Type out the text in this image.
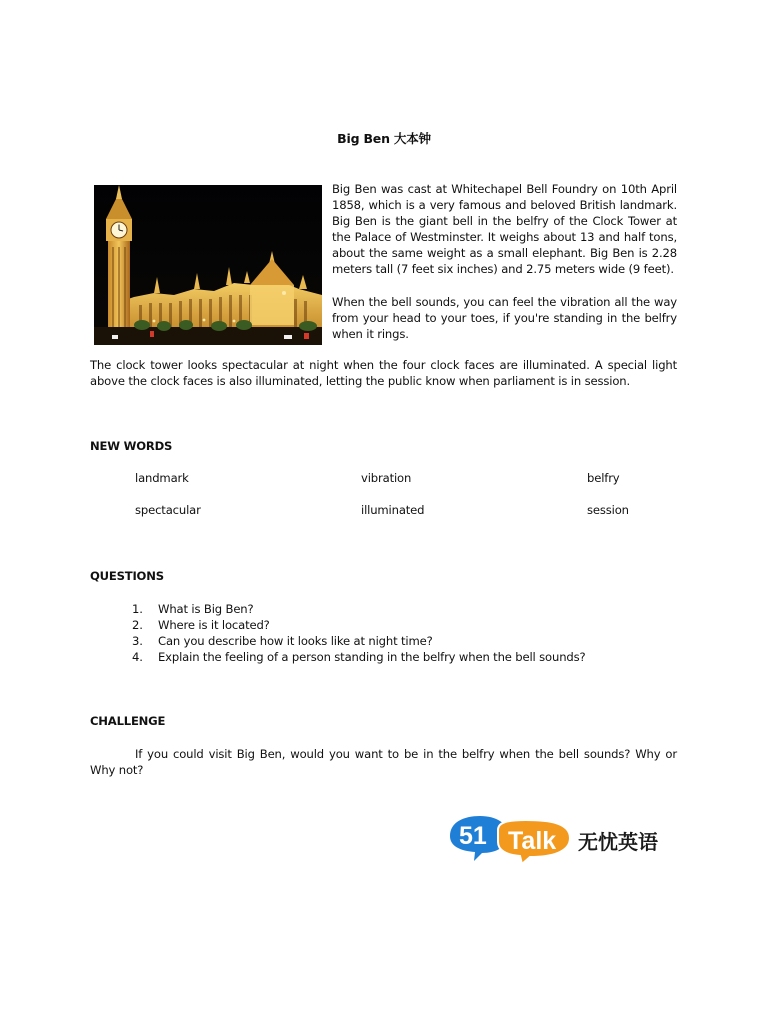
Big Ben 大本钟
Big Ben was cast at Whitechapel Bell Foundry on 10th April 1858, which is a very famous and beloved British landmark. Big Ben is the giant bell in the belfry of the Clock Tower at the Palace of Westminster. It weighs about 13 and half tons, about the same weight as a small elephant. Big Ben is 2.28 meters tall (7 feet six inches) and 2.75 meters wide (9 feet).
When the bell sounds, you can feel the vibration all the way from your head to your toes, if you're standing in the belfry when it rings.
The clock tower looks spectacular at night when the four clock faces are illuminated. A special light above the clock faces is also illuminated, letting the public know when parliament is in session.
NEW WORDS
landmark	vibration	belfry
spectacular	illuminated	session
QUESTIONS
1. What is Big Ben?
2. Where is it located?
3. Can you describe how it looks like at night time?
4. Explain the feeling of a person standing in the belfry when the bell sounds?
CHALLENGE
If you could visit Big Ben, would you want to be in the belfry when the bell sounds? Why or Why not?
51 Talk 无忧英语
